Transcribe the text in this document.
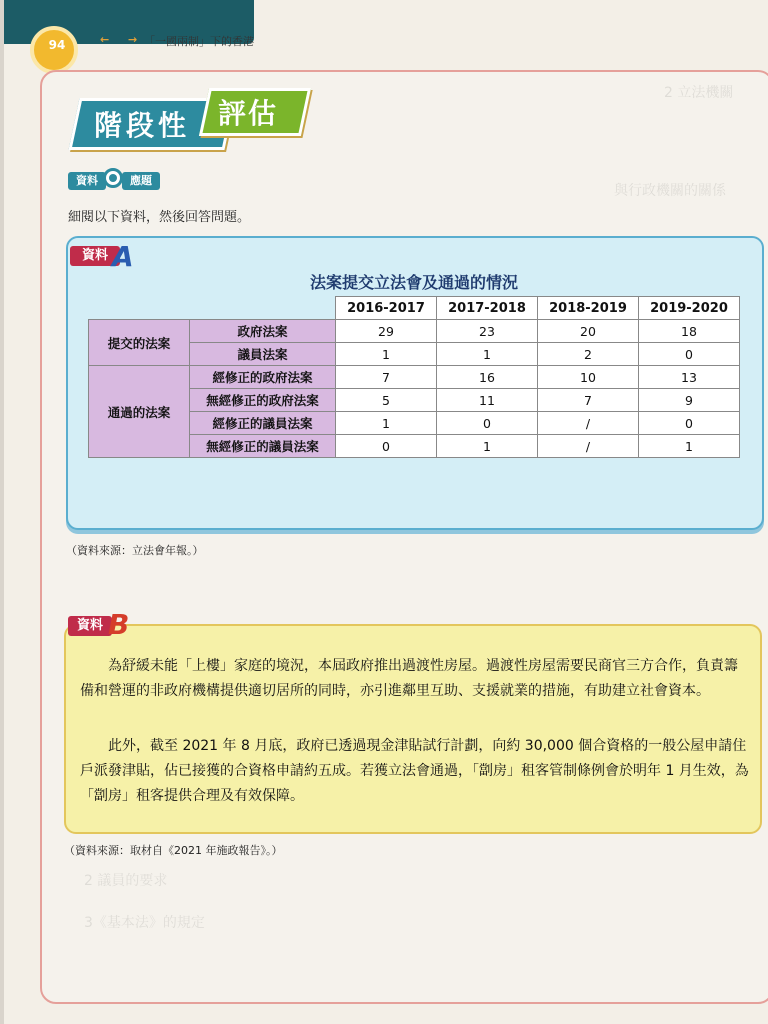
94	← → 「一國兩制」下的香港
2 立法機關
與行政機關的關係
階段性 評估
資料	應題
細閱以下資料，然後回答問題。
資料 A
法案提交立法會及通過的情況
		2016-2017	2017-2018	2018-2019	2019-2020
提交的法案	政府法案	29	23	20	18
	議員法案	1	1	2	0
通過的法案	經修正的政府法案	7	16	10	13
	無經修正的政府法案	5	11	7	9
	經修正的議員法案	1	0	/	0
	無經修正的議員法案	0	1	/	1
（資料來源：立法會年報。）
資料 B
為舒緩未能「上樓」家庭的境況，本屆政府推出過渡性房屋。過渡性房屋需要民商官三方合作，負責籌備和營運的非政府機構提供適切居所的同時，亦引進鄰里互助、支援就業的措施，有助建立社會資本。
此外，截至 2021 年 8 月底，政府已透過現金津貼試行計劃，向約 30,000 個合資格的一般公屋申請住戶派發津貼，佔已接獲的合資格申請約五成。若獲立法會通過，「劏房」租客管制條例會於明年 1 月生效，為「劏房」租客提供合理及有效保障。
（資料來源：取材自《2021 年施政報告》。）
2 議員的要求
3《基本法》的規定
